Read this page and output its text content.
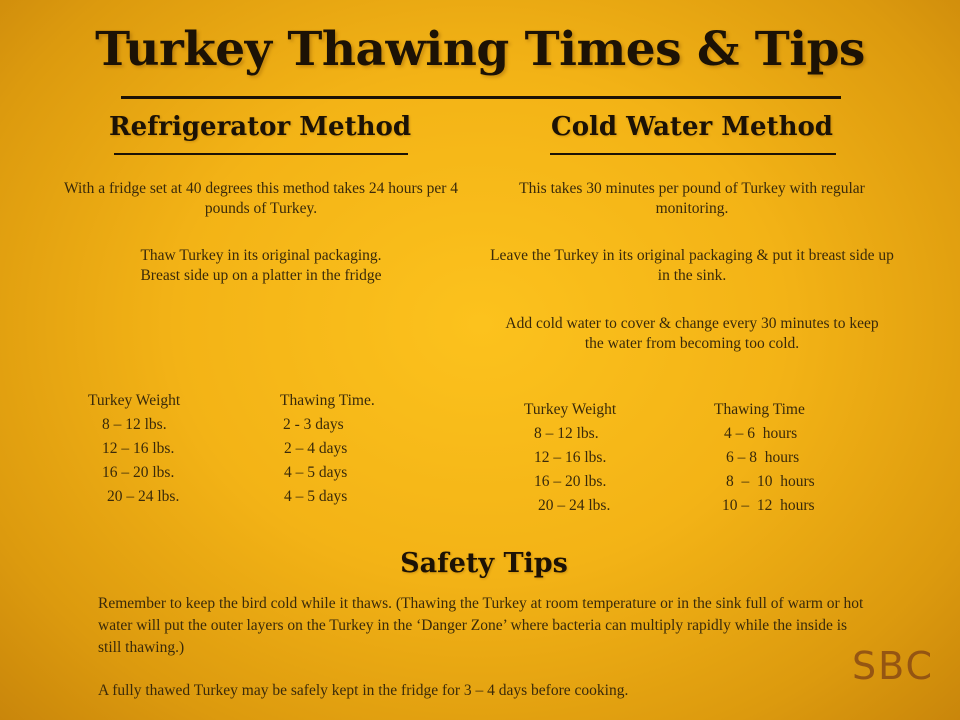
Turkey Thawing Times & Tips
Refrigerator Method
With a fridge set at 40 degrees this method takes 24 hours per 4 pounds of Turkey.
Thaw Turkey in its original packaging.
Breast side up on a platter in the fridge
Turkey Weight	Thawing Time.
8 – 12 lbs.	2 - 3 days
12 – 16 lbs.	2 – 4 days
16 – 20 lbs.	4 – 5 days
20 – 24 lbs.	4 – 5 days
Cold Water Method
This takes 30 minutes per pound of Turkey with regular monitoring.
Leave the Turkey in its original packaging & put it breast side up in the sink.
Add cold water to cover & change every 30 minutes to keep the water from becoming too cold.
Turkey Weight	Thawing Time
8 – 12 lbs.	4 – 6  hours
12 – 16 lbs.	6 – 8  hours
16 – 20 lbs.	8  –  10  hours
20 – 24 lbs.	10 –  12  hours
Safety Tips
Remember to keep the bird cold while it thaws. (Thawing the Turkey at room temperature or in the sink full of warm or hot water will put the outer layers on the Turkey in the ‘Danger Zone’ where bacteria can multiply rapidly while the inside is still thawing.)
A fully thawed Turkey may be safely kept in the fridge for 3 – 4 days before cooking.
SBC
